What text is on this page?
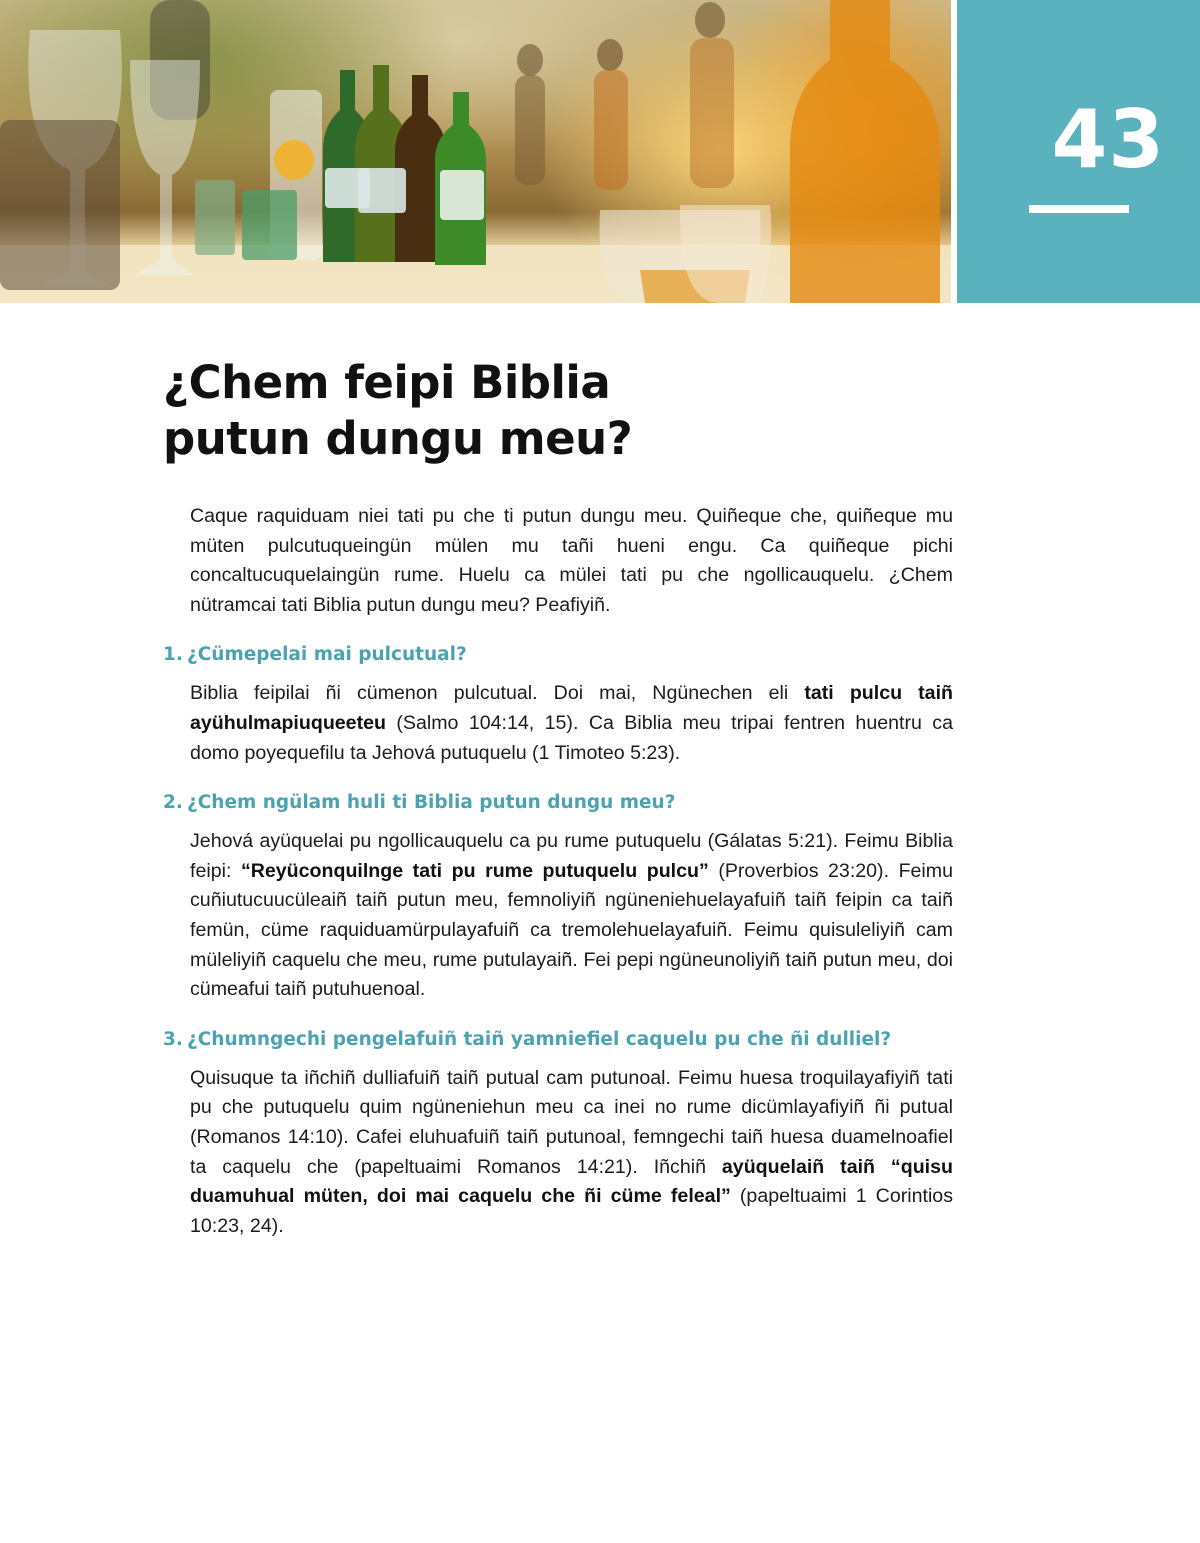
43
¿Chem feipi Biblia
putun dungu meu?

Caque raquiduam niei tati pu che ti putun dungu meu. Quiñeque che, quiñeque mu müten pulcutuqueingün mülen mu tañi hueni engu. Ca quiñeque pichi concaltucuquelaingün rume. Huelu ca mülei tati pu che ngollicauquelu. ¿Chem nütramcai tati Biblia putun dungu meu? Peafiyiñ.

1. ¿Cümepelai mai pulcutual?

Biblia feipilai ñi cümenon pulcutual. Doi mai, Ngünechen eli tati pulcu taiñ ayühulmapiuqueeteu (Salmo 104:14, 15). Ca Biblia meu tripai fentren huentru ca domo poyequefilu ta Jehová putuquelu (1 Timoteo 5:23).

2. ¿Chem ngülam huli ti Biblia putun dungu meu?

Jehová ayüquelai pu ngollicauquelu ca pu rume putuquelu (Gálatas 5:21). Feimu Biblia feipi: “Reyüconquilnge tati pu rume putuquelu pulcu” (Proverbios 23:20). Feimu cuñiutucuucüleaiñ taiñ putun meu, femnoliyiñ ngüneniehuelayafuiñ taiñ feipin ca taiñ femün, cüme raquiduamürpulayafuiñ ca tremolehuelayafuiñ. Feimu quisuleliyiñ cam müleliyiñ caquelu che meu, rume putulayaiñ. Fei pepi ngüneunoliyiñ taiñ putun meu, doi cümeafui taiñ putuhuenoal.

3. ¿Chumngechi pengelafuiñ taiñ yamniefiel caquelu pu che ñi dulliel?

Quisuque ta iñchiñ dulliafuiñ taiñ putual cam putunoal. Feimu huesa troquilayafiyiñ tati pu che putuquelu quim ngüneniehun meu ca inei no rume dicümlayafiyiñ ñi putual (Romanos 14:10). Cafei eluhuafuiñ taiñ putunoal, femngechi taiñ huesa duamelnoafiel ta caquelu che (papeltuaimi Romanos 14:21). Iñchiñ ayüquelaiñ taiñ “quisu duamuhual müten, doi mai caquelu che ñi cüme feleal” (papeltuaimi 1 Corintios 10:23, 24).
